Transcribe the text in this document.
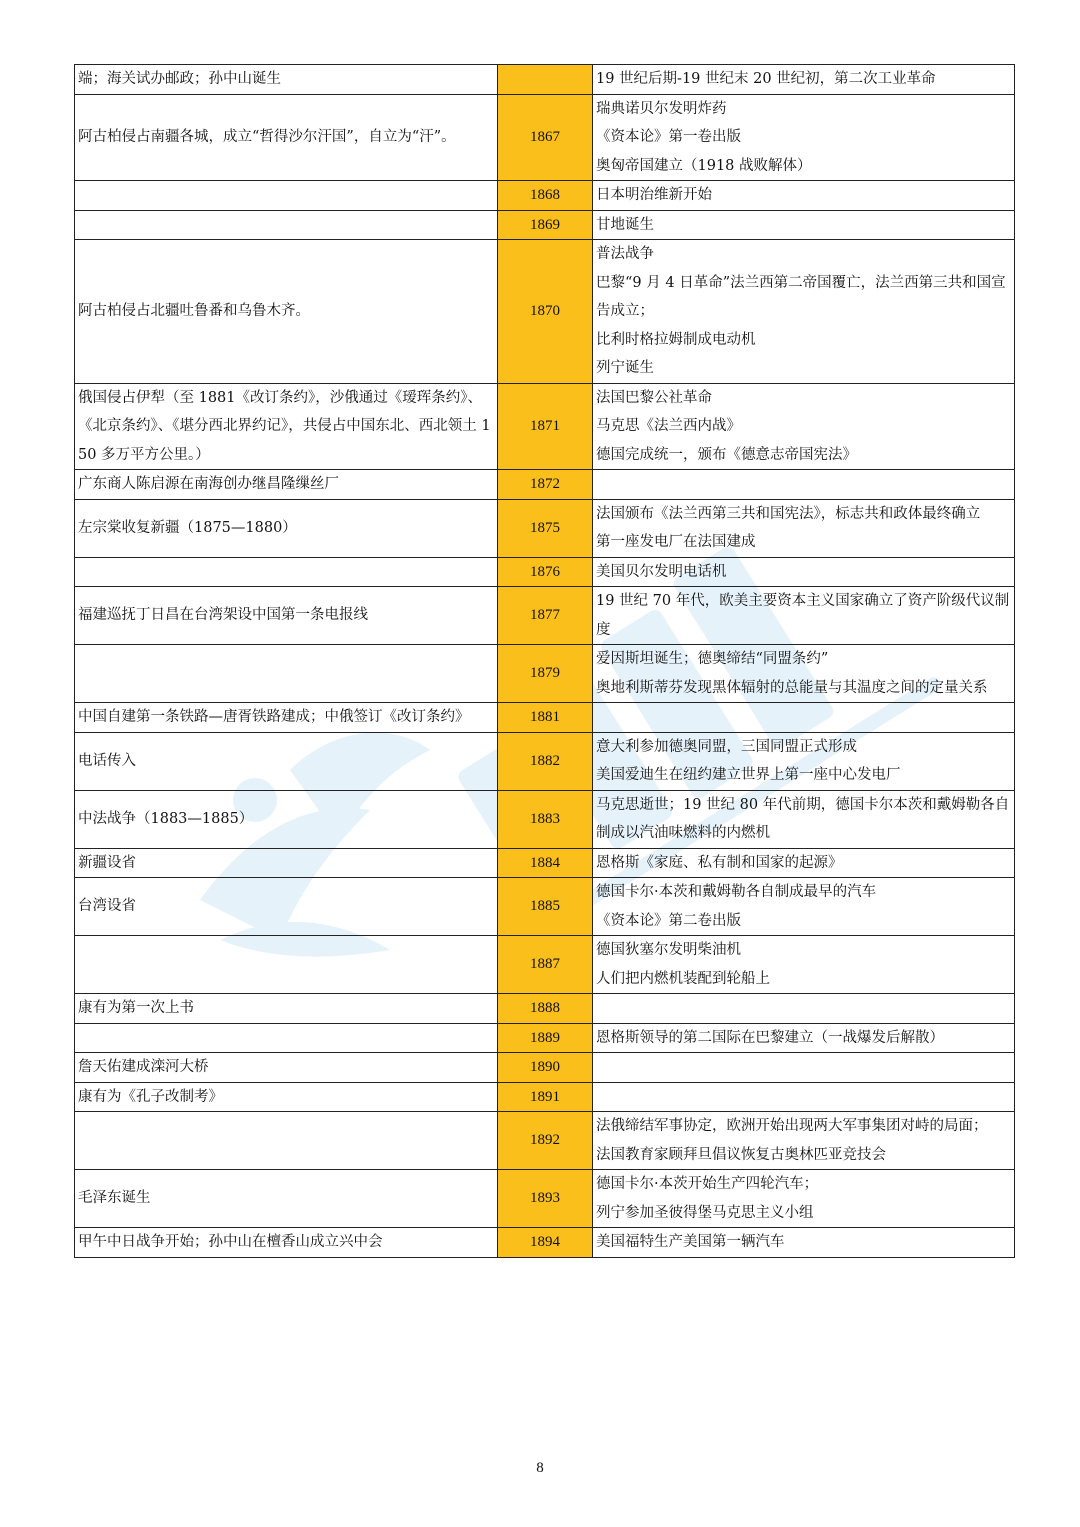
端；海关试办邮政；孙中山诞生		19 世纪后期-19 世纪末 20 世纪初，第二次工业革命

阿古柏侵占南疆各城，成立“哲得沙尔汗国”，自立为“汗”。	1867	瑞典诺贝尔发明炸药
《资本论》第一卷出版
奥匈帝国建立（1918 战败解体）

	1868	日本明治维新开始

	1869	甘地诞生

阿古柏侵占北疆吐鲁番和乌鲁木齐。	1870	普法战争
巴黎“9 月 4 日革命”法兰西第二帝国覆亡，法兰西第三共和国宣告成立；
比利时格拉姆制成电动机
列宁诞生

俄国侵占伊犁（至 1881《改订条约》，沙俄通过《瑷珲条约》、《北京条约》、《堪分西北界约记》，共侵占中国东北、西北领土 150 多万平方公里。）	1871	法国巴黎公社革命
马克思《法兰西内战》
德国完成统一，颁布《德意志帝国宪法》

广东商人陈启源在南海创办继昌隆缫丝厂	1872	

左宗棠收复新疆（1875—1880）	1875	法国颁布《法兰西第三共和国宪法》，标志共和政体最终确立
第一座发电厂在法国建成

	1876	美国贝尔发明电话机

福建巡抚丁日昌在台湾架设中国第一条电报线	1877	19 世纪 70 年代，欧美主要资本主义国家确立了资产阶级代议制度

	1879	爱因斯坦诞生；德奥缔结“同盟条约”
奥地利斯蒂芬发现黑体辐射的总能量与其温度之间的定量关系

中国自建第一条铁路—唐胥铁路建成；中俄签订《改订条约》	1881	

电话传入	1882	意大利参加德奥同盟，三国同盟正式形成
美国爱迪生在纽约建立世界上第一座中心发电厂

中法战争（1883—1885）	1883	马克思逝世；19 世纪 80 年代前期，德国卡尔本茨和戴姆勒各自制成以汽油味燃料的内燃机

新疆设省	1884	恩格斯《家庭、私有制和国家的起源》

台湾设省	1885	德国卡尔·本茨和戴姆勒各自制成最早的汽车
《资本论》第二卷出版

	1887	德国狄塞尔发明柴油机
人们把内燃机装配到轮船上

康有为第一次上书	1888	
	1889	恩格斯领导的第二国际在巴黎建立（一战爆发后解散）

詹天佑建成滦河大桥	1890	

康有为《孔子改制考》	1891	
	1892	法俄缔结军事协定，欧洲开始出现两大军事集团对峙的局面；
法国教育家顾拜旦倡议恢复古奥林匹亚竞技会

毛泽东诞生	1893	德国卡尔·本茨开始生产四轮汽车；
列宁参加圣彼得堡马克思主义小组

甲午中日战争开始；孙中山在檀香山成立兴中会	1894	美国福特生产美国第一辆汽车
8
